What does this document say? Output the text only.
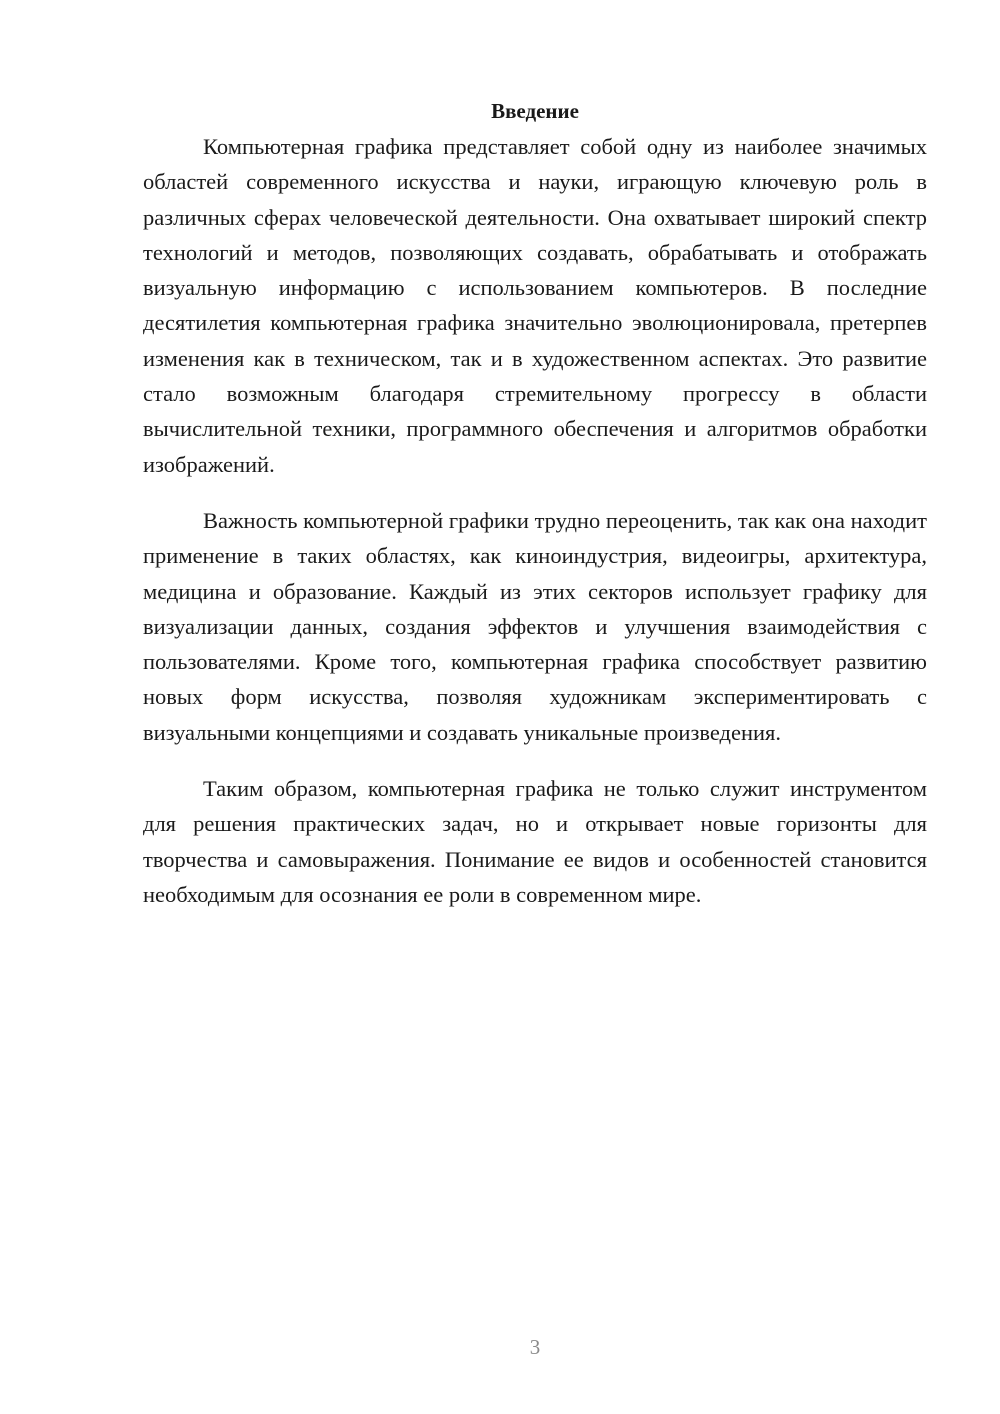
Введение

Компьютерная графика представляет собой одну из наиболее значимых областей современного искусства и науки, играющую ключевую роль в различных сферах человеческой деятельности. Она охватывает широкий спектр технологий и методов, позволяющих создавать, обрабатывать и отображать визуальную информацию с использованием компьютеров. В последние десятилетия компьютерная графика значительно эволюционировала, претерпев изменения как в техническом, так и в художественном аспектах. Это развитие стало возможным благодаря стремительному прогрессу в области вычислительной техники, программного обеспечения и алгоритмов обработки изображений.

Важность компьютерной графики трудно переоценить, так как она находит применение в таких областях, как киноиндустрия, видеоигры, архитектура, медицина и образование. Каждый из этих секторов использует графику для визуализации данных, создания эффектов и улучшения взаимодействия с пользователями. Кроме того, компьютерная графика способствует развитию новых форм искусства, позволяя художникам экспериментировать с визуальными концепциями и создавать уникальные произведения.

Таким образом, компьютерная графика не только служит инструментом для решения практических задач, но и открывает новые горизонты для творчества и самовыражения. Понимание ее видов и особенностей становится необходимым для осознания ее роли в современном мире.

3
